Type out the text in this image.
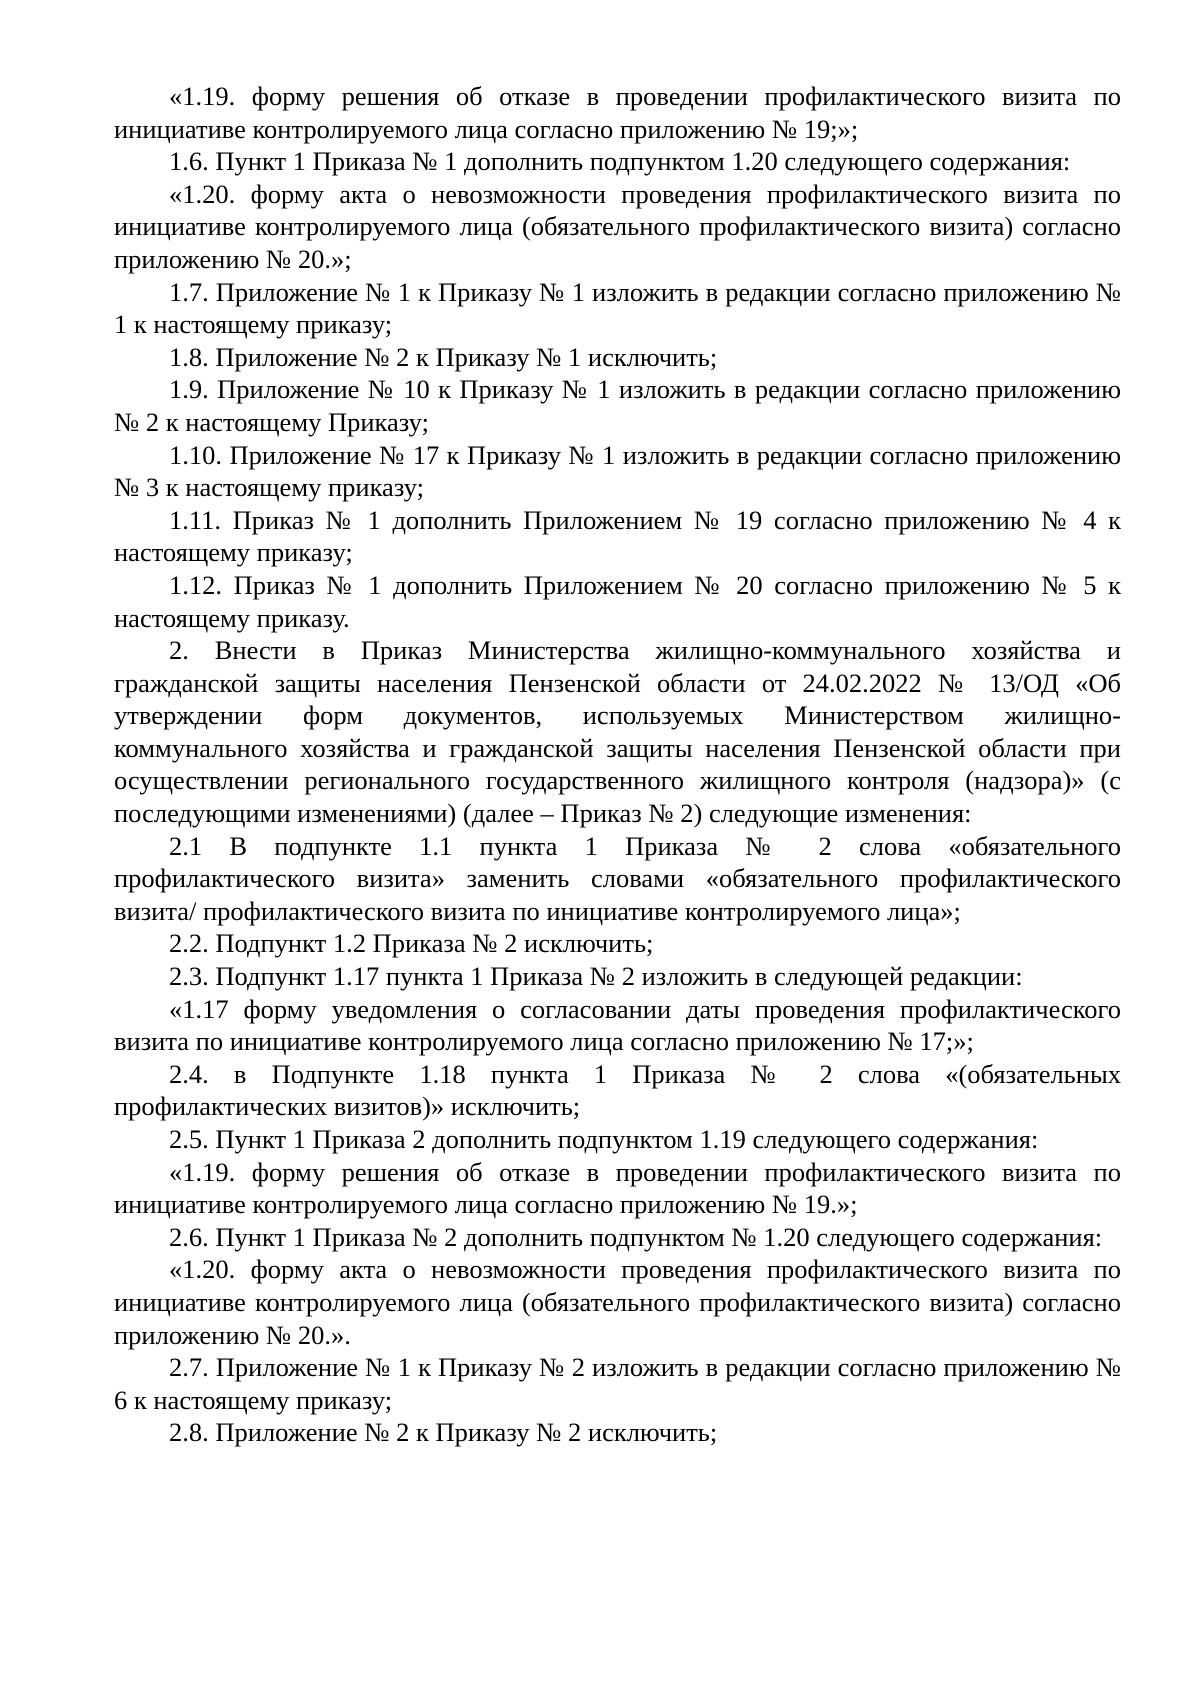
«1.19. форму решения об отказе в проведении профилактического визита по инициативе контролируемого лица согласно приложению № 19;»;

1.6. Пункт 1 Приказа № 1 дополнить подпунктом 1.20 следующего содержания:

«1.20. форму акта о невозможности проведения профилактического визита по инициативе контролируемого лица (обязательного профилактического визита) согласно приложению № 20.»;

1.7. Приложение № 1 к Приказу № 1 изложить в редакции согласно приложению № 1 к настоящему приказу;

1.8. Приложение № 2 к Приказу № 1 исключить;

1.9. Приложение № 10 к Приказу № 1 изложить в редакции согласно приложению № 2 к настоящему Приказу;

1.10. Приложение № 17 к Приказу № 1 изложить в редакции согласно приложению № 3 к настоящему приказу;

1.11. Приказ № 1 дополнить Приложением № 19 согласно приложению № 4 к настоящему приказу;

1.12. Приказ № 1 дополнить Приложением № 20 согласно приложению № 5 к настоящему приказу.

2. Внести в Приказ Министерства жилищно-коммунального хозяйства и гражданской защиты населения Пензенской области от 24.02.2022 № 13/ОД «Об утверждении форм документов, используемых Министерством жилищно-коммунального хозяйства и гражданской защиты населения Пензенской области при осуществлении регионального государственного жилищного контроля (надзора)» (с последующими изменениями) (далее – Приказ № 2) следующие изменения:

2.1 В подпункте 1.1 пункта 1 Приказа № 2 слова «обязательного профилактического визита» заменить словами «обязательного профилактического визита/ профилактического визита по инициативе контролируемого лица»;

2.2. Подпункт 1.2 Приказа № 2 исключить;

2.3. Подпункт 1.17 пункта 1 Приказа № 2 изложить в следующей редакции:

«1.17 форму уведомления о согласовании даты проведения профилактического визита по инициативе контролируемого лица согласно приложению № 17;»;

2.4. в Подпункте 1.18 пункта 1 Приказа № 2 слова «(обязательных профилактических визитов)» исключить;

2.5. Пункт 1 Приказа 2 дополнить подпунктом 1.19 следующего содержания:

«1.19. форму решения об отказе в проведении профилактического визита по инициативе контролируемого лица согласно приложению № 19.»;

2.6. Пункт 1 Приказа № 2 дополнить подпунктом № 1.20 следующего содержания:

«1.20. форму акта о невозможности проведения профилактического визита по инициативе контролируемого лица (обязательного профилактического визита) согласно приложению № 20.».

2.7. Приложение № 1 к Приказу № 2 изложить в редакции согласно приложению № 6 к настоящему приказу;

2.8. Приложение № 2 к Приказу № 2 исключить;
